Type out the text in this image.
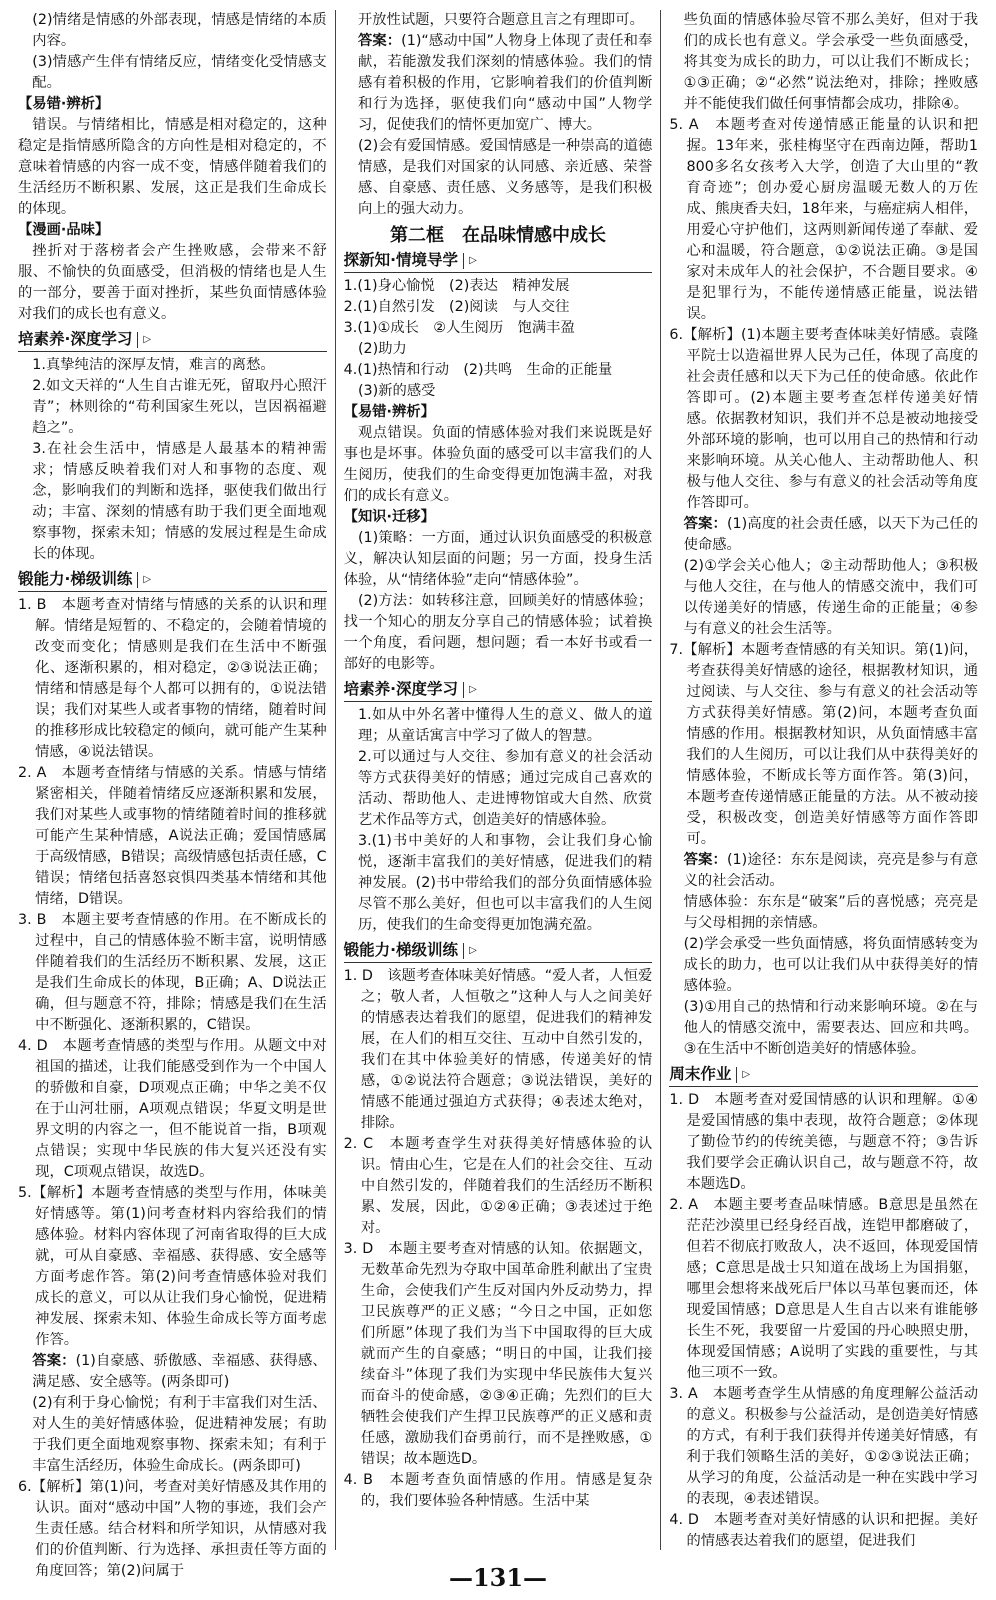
(2)情绪是情感的外部表现，情感是情绪的本质内容。

(3)情感产生伴有情绪反应，情绪变化受情感支配。

【易错·辨析】

错误。与情绪相比，情感是相对稳定的，这种稳定是指情感所隐含的方向性是相对稳定的，不意味着情感的内容一成不变，情感伴随着我们的生活经历不断积累、发展，这正是我们生命成长的体现。

【漫画·品味】

挫折对于落榜者会产生挫败感，会带来不舒服、不愉快的负面感受，但消极的情绪也是人生的一部分，要善于面对挫折，某些负面情感体验对我们的成长也有意义。

培素养·深度学习 ▷

1.真挚纯洁的深厚友情，难言的离愁。

2.如文天祥的“人生自古谁无死，留取丹心照汗青”；林则徐的“苟利国家生死以，岂因祸福避趋之”。

3.在社会生活中，情感是人最基本的精神需求；情感反映着我们对人和事物的态度、观念，影响我们的判断和选择，驱使我们做出行动；丰富、深刻的情感有助于我们更全面地观察事物，探索未知；情感的发展过程是生命成长的体现。

锻能力·梯级训练 ▷

1. B　本题考查对情绪与情感的关系的认识和理解。情绪是短暂的、不稳定的，会随着情境的改变而变化；情感则是我们在生活中不断强化、逐渐积累的，相对稳定，②③说法正确；情绪和情感是每个人都可以拥有的，①说法错误；我们对某些人或者事物的情绪，随着时间的推移形成比较稳定的倾向，就可能产生某种情感，④说法错误。

2. A　本题考查情绪与情感的关系。情感与情绪紧密相关，伴随着情绪反应逐渐积累和发展，我们对某些人或事物的情绪随着时间的推移就可能产生某种情感，A说法正确；爱国情感属于高级情感，B错误；高级情感包括责任感，C错误；情绪包括喜怒哀惧四类基本情绪和其他情绪，D错误。

3. B　本题主要考查情感的作用。在不断成长的过程中，自己的情感体验不断丰富，说明情感伴随着我们的生活经历不断积累、发展，这正是我们生命成长的体现，B正确；A、D说法正确，但与题意不符，排除；情感是我们在生活中不断强化、逐渐积累的，C错误。

4. D　本题考查情感的类型与作用。从题文中对祖国的描述，让我们能感受到作为一个中国人的骄傲和自豪，D项观点正确；中华之美不仅在于山河壮丽，A项观点错误；华夏文明是世界文明的内容之一，但不能说首一指，B项观点错误；实现中华民族的伟大复兴还没有实现，C项观点错误，故选D。

5.【解析】本题考查情感的类型与作用，体味美好情感等。第(1)问考查材料内容给我们的情感体验。材料内容体现了河南省取得的巨大成就，可从自豪感、幸福感、获得感、安全感等方面考虑作答。第(2)问考查情感体验对我们成长的意义，可以从让我们身心愉悦，促进精神发展、探索未知、体验生命成长等方面考虑作答。

答案：(1)自豪感、骄傲感、幸福感、获得感、满足感、安全感等。(两条即可)

(2)有利于身心愉悦；有利于丰富我们对生活、对人生的美好情感体验，促进精神发展；有助于我们更全面地观察事物、探索未知；有利于丰富生活经历，体验生命成长。(两条即可)

6.【解析】第(1)问，考查对美好情感及其作用的认识。面对“感动中国”人物的事迹，我们会产生责任感。结合材料和所学知识，从情感对我们的价值判断、行为选择、承担责任等方面的角度回答；第(2)问属于

开放性试题，只要符合题意且言之有理即可。

答案：(1)“感动中国”人物身上体现了责任和奉献，若能激发我们深刻的情感体验。我们的情感有着积极的作用，它影响着我们的价值判断和行为选择，驱使我们向“感动中国”人物学习，促使我们的情怀更加宽广、博大。

(2)会有爱国情感。爱国情感是一种崇高的道德情感，是我们对国家的认同感、亲近感、荣誉感、自豪感、责任感、义务感等，是我们积极向上的强大动力。

第二框　在品味情感中成长
探新知·情境导学 ▷

1.(1)身心愉悦　(2)表达　精神发展

2.(1)自然引发　(2)阅读　与人交往

3.(1)①成长　②人生阅历　饱满丰盈

(2)助力

4.(1)热情和行动　(2)共鸣　生命的正能量

(3)新的感受

【易错·辨析】

观点错误。负面的情感体验对我们来说既是好事也是坏事。体验负面的感受可以丰富我们的人生阅历，使我们的生命变得更加饱满丰盈，对我们的成长有意义。

【知识·迁移】

(1)策略：一方面，通过认识负面感受的积极意义，解决认知层面的问题；另一方面，投身生活体验，从“情绪体验”走向“情感体验”。

(2)方法：如转移注意，回顾美好的情感体验；找一个知心的朋友分享自己的情感体验；试着换一个角度，看问题，想问题；看一本好书或看一部好的电影等。

培素养·深度学习 ▷

1.如从中外名著中懂得人生的意义、做人的道理；从童话寓言中学习了做人的智慧。

2.可以通过与人交往、参加有意义的社会活动等方式获得美好的情感；通过完成自己喜欢的活动、帮助他人、走进博物馆或大自然、欣赏艺术作品等方式，创造美好的情感体验。

3.(1)书中美好的人和事物，会让我们身心愉悦，逐渐丰富我们的美好情感，促进我们的精神发展。(2)书中带给我们的部分负面情感体验尽管不那么美好，但也可以丰富我们的人生阅历，使我们的生命变得更加饱满充盈。

锻能力·梯级训练 ▷

1. D　该题考查体味美好情感。“爱人者，人恒爱之；敬人者，人恒敬之”这种人与人之间美好的情感表达着我们的愿望，促进我们的精神发展，在人们的相互交往、互动中自然引发的，我们在其中体验美好的情感，传递美好的情感，①②说法符合题意；③说法错误，美好的情感不能通过强迫方式获得；④表述太绝对，排除。

2. C　本题考查学生对获得美好情感体验的认识。情由心生，它是在人们的社会交往、互动中自然引发的，伴随着我们的生活经历不断积累、发展，因此，①②④正确；③表述过于绝对。

3. D　本题主要考查对情感的认知。依据题文，无数革命先烈为夺取中国革命胜利献出了宝贵生命，会使我们产生反对国内外反动势力，捍卫民族尊严的正义感；“今日之中国，正如您们所愿”体现了我们为当下中国取得的巨大成就而产生的自豪感；“明日的中国，让我们接续奋斗”体现了我们为实现中华民族伟大复兴而奋斗的使命感，②③④正确；先烈们的巨大牺牲会使我们产生捍卫民族尊严的正义感和责任感，激励我们奋勇前行，而不是挫败感，①错误；故本题选D。

4. B　本题考查负面情感的作用。情感是复杂的，我们要体验各种情感。生活中某

些负面的情感体验尽管不那么美好，但对于我们的成长也有意义。学会承受一些负面感受，将其变为成长的助力，可以让我们不断成长；①③正确；②“必然”说法绝对，排除；挫败感并不能使我们做任何事情都会成功，排除④。

5. A　本题考查对传递情感正能量的认识和把握。13年来，张桂梅坚守在西南边陲，帮助1 800多名女孩考入大学，创造了大山里的“教育奇迹”；创办爱心厨房温暖无数人的万佐成、熊庚香夫妇，18年来，与癌症病人相伴，用爱心守护他们，这两则新闻传递了奉献、爱心和温暖，符合题意，①②说法正确。③是国家对未成年人的社会保护，不合题目要求。④是犯罪行为，不能传递情感正能量，说法错误。

6.【解析】(1)本题主要考查体味美好情感。袁隆平院士以造福世界人民为己任，体现了高度的社会责任感和以天下为己任的使命感。依此作答即可。(2)本题主要考查怎样传递美好情感。依据教材知识，我们并不总是被动地接受外部环境的影响，也可以用自己的热情和行动来影响环境。从关心他人、主动帮助他人、积极与他人交往、参与有意义的社会活动等角度作答即可。

答案：(1)高度的社会责任感，以天下为己任的使命感。

(2)①学会关心他人；②主动帮助他人；③积极与他人交往，在与他人的情感交流中，我们可以传递美好的情感，传递生命的正能量；④参与有意义的社会生活等。

7.【解析】本题考查情感的有关知识。第(1)问，考查获得美好情感的途径，根据教材知识，通过阅读、与人交往、参与有意义的社会活动等方式获得美好情感。第(2)问，本题考查负面情感的作用。根据教材知识，从负面情感丰富我们的人生阅历，可以让我们从中获得美好的情感体验，不断成长等方面作答。第(3)问，本题考查传递情感正能量的方法。从不被动接受，积极改变，创造美好情感等方面作答即可。

答案：(1)途径：东东是阅读，亮亮是参与有意义的社会活动。

情感体验：东东是“破案”后的喜悦感；亮亮是与父母相拥的亲情感。

(2)学会承受一些负面情感，将负面情感转变为成长的助力，也可以让我们从中获得美好的情感体验。

(3)①用自己的热情和行动来影响环境。②在与他人的情感交流中，需要表达、回应和共鸣。③在生活中不断创造美好的情感体验。

周末作业 ▷

1. D　本题考查对爱国情感的认识和理解。①④是爱国情感的集中表现，故符合题意；②体现了勤俭节约的传统美德，与题意不符；③告诉我们要学会正确认识自己，故与题意不符，故本题选D。

2. A　本题主要考查品味情感。B意思是虽然在茫茫沙漠里已经身经百战，连铠甲都磨破了，但若不彻底打败敌人，决不返回，体现爱国情感；C意思是战士只知道在战场上为国捐躯，哪里会想将来战死后尸体以马革包裹而还，体现爱国情感；D意思是人生自古以来有谁能够长生不死，我要留一片爱国的丹心映照史册，体现爱国情感；A说明了实践的重要性，与其他三项不一致。

3. A　本题考查学生从情感的角度理解公益活动的意义。积极参与公益活动，是创造美好情感的方式，有利于我们获得并传递美好情感，有利于我们领略生活的美好，①②③说法正确；从学习的角度，公益活动是一种在实践中学习的表现，④表述错误。

4. D　本题考查对美好情感的认识和把握。美好的情感表达着我们的愿望，促进我们

—131—
